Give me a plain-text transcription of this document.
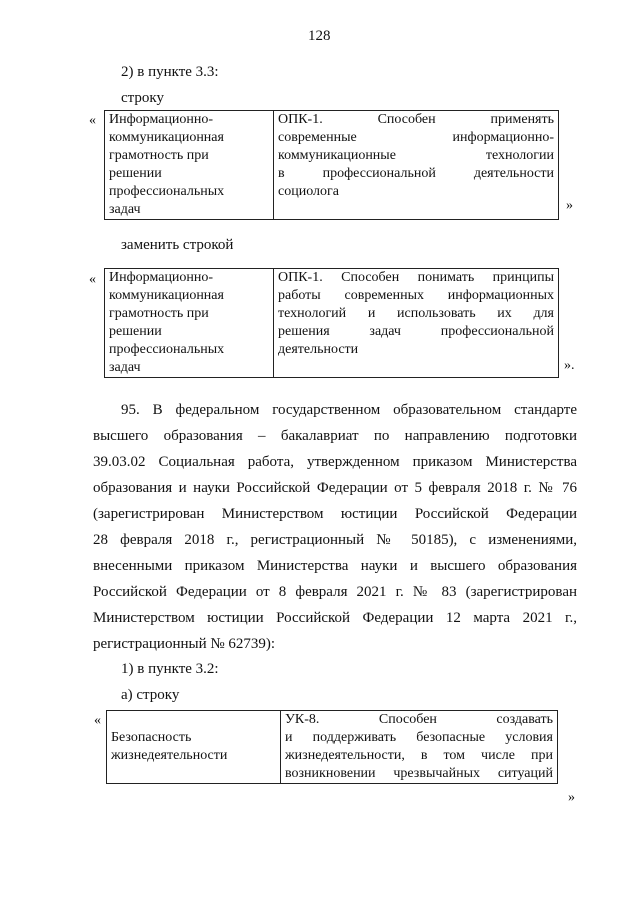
128
2) в пункте 3.3:
строку
« Информационно-
коммуникационная
грамотность при
решении
профессиональных
задач

ОПК-1. Способен применять
современные информационно-
коммуникационные технологии
в профессиональной деятельности
социолога
»
заменить строкой
« Информационно-
коммуникационная
грамотность при
решении
профессиональных
задач

ОПК-1. Способен понимать принципы
работы современных информационных
технологий и использовать их для
решения задач профессиональной
деятельности
».
95. В федеральном государственном образовательном стандарте
высшего образования – бакалавриат по направлению подготовки
39.03.02 Социальная работа, утвержденном приказом Министерства
образования и науки Российской Федерации от 5 февраля 2018 г. № 76
(зарегистрирован Министерством юстиции Российской Федерации
28 февраля 2018 г., регистрационный № 50185), с изменениями,
внесенными приказом Министерства науки и высшего образования
Российской Федерации от 8 февраля 2021 г. № 83 (зарегистрирован
Министерством юстиции Российской Федерации 12 марта 2021 г.,
регистрационный № 62739):
1) в пункте 3.2:
а) строку
«
Безопасность
жизнедеятельности

УК-8. Способен создавать
и поддерживать безопасные условия
жизнедеятельности, в том числе при
возникновении чрезвычайных ситуаций
»
